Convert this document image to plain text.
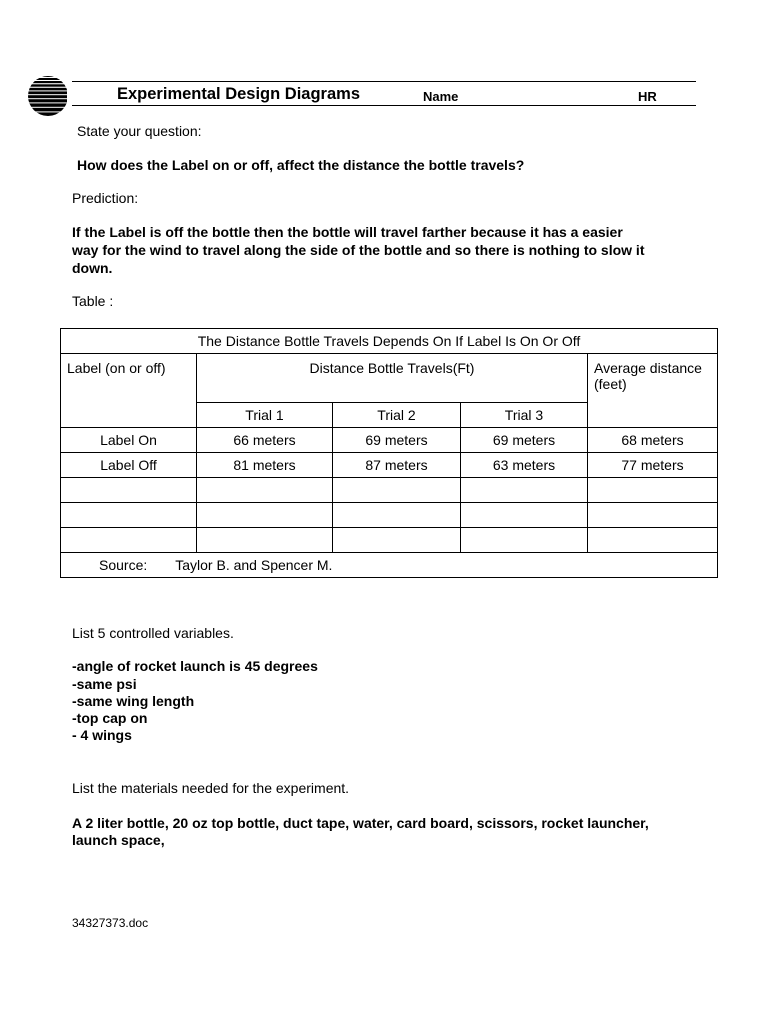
Experimental Design Diagrams	Name	HR
State your question:
How does the Label on or off, affect the distance the bottle travels?
Prediction:
If the Label is off the bottle then the bottle will travel farther because it has a easier
way for the wind to travel along the side of the bottle and so there is nothing to slow it
down.
Table :
The Distance Bottle Travels Depends On If Label Is On Or Off				
Label (on or off)	Distance Bottle Travels(Ft)			Average distance (feet)
	Trial 1	Trial 2	Trial 3	
Label On	66 meters	69 meters	69 meters	68 meters
Label Off	81 meters	87 meters	63 meters	77 meters

Source: Taylor B. and Spencer M.				
List 5 controlled variables.
-angle of rocket launch is 45 degrees
-same psi
-same wing length
-top cap on
- 4 wings
List the materials needed for the experiment.
A 2 liter bottle, 20 oz top bottle, duct tape, water, card board, scissors, rocket launcher,
launch space,
34327373.doc
